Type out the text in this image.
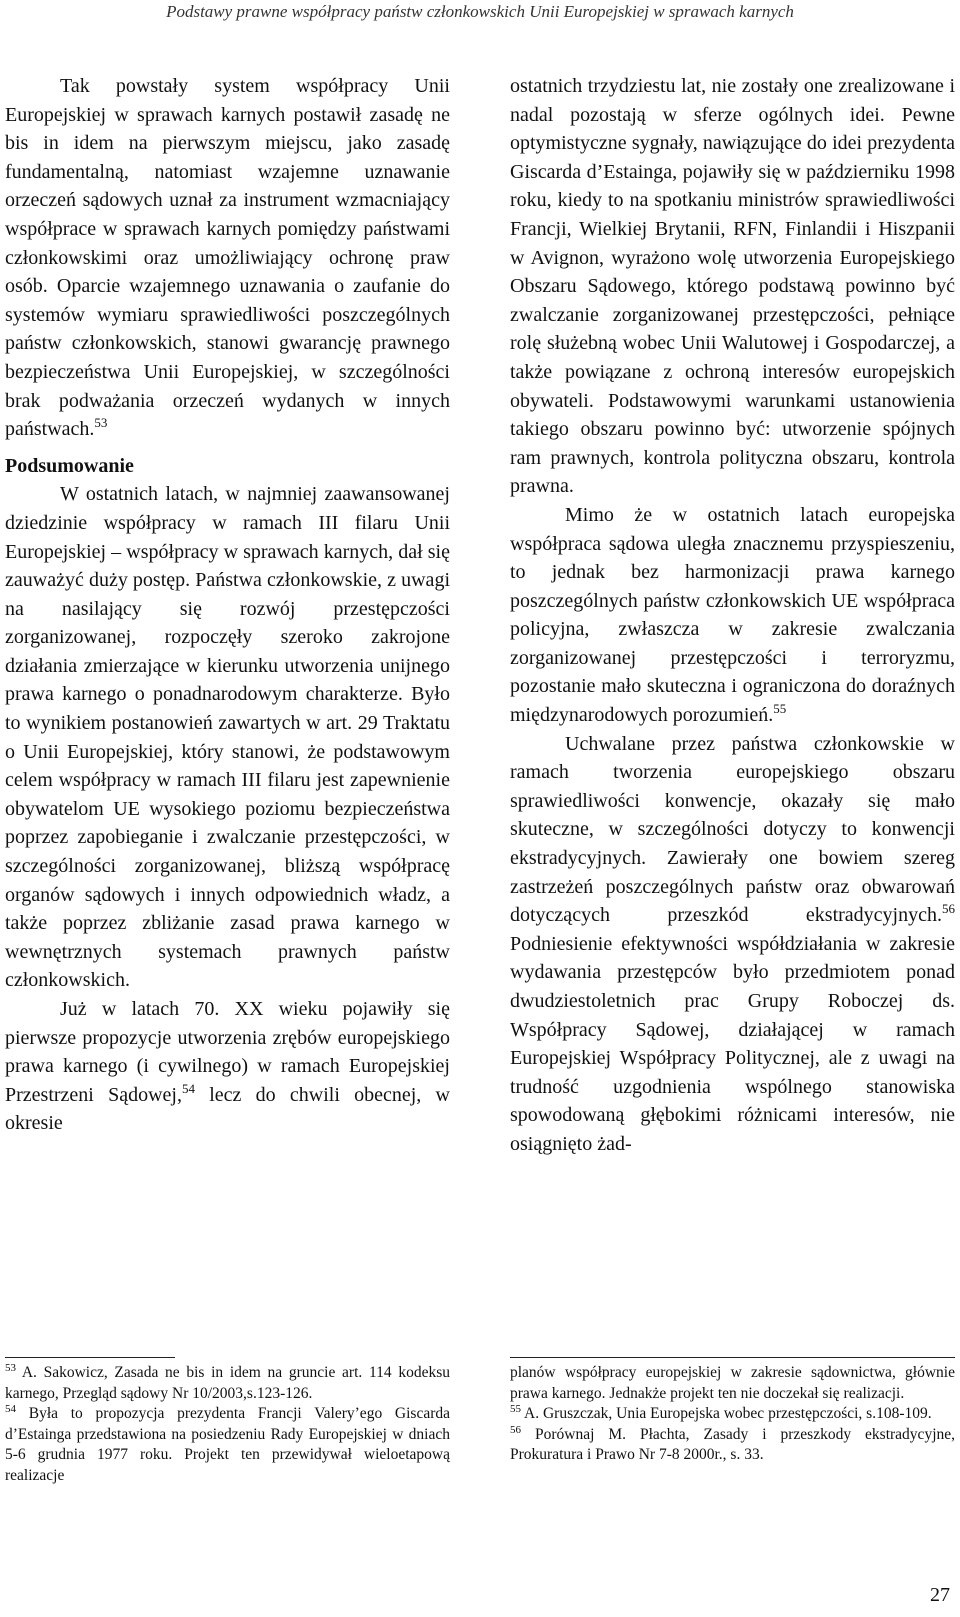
Podstawy prawne współpracy państw członkowskich Unii Europejskiej w sprawach karnych

Tak powstały system współpracy Unii Europejskiej w sprawach karnych postawił zasadę ne bis in idem na pierwszym miejscu, jako zasadę fundamentalną, natomiast wzajemne uznawanie orzeczeń sądowych uznał za instrument wzmacniający współprace w sprawach karnych pomiędzy państwami członkowskimi oraz umożliwiający ochronę praw osób. Oparcie wzajemnego uznawania o zaufanie do systemów wymiaru sprawiedliwości poszczególnych państw członkowskich, stanowi gwarancję prawnego bezpieczeństwa Unii Europejskiej, w szczególności brak podważania orzeczeń wydanych w innych państwach.$^{53}$

Podsumowanie

W ostatnich latach, w najmniej zaawansowanej dziedzinie współpracy w ramach III filaru Unii Europejskiej – współpracy w sprawach karnych, dał się zauważyć duży postęp. Państwa członkowskie, z uwagi na nasilający się rozwój przestępczości zorganizowanej, rozpoczęły szeroko zakrojone działania zmierzające w kierunku utworzenia unijnego prawa karnego o ponadnarodowym charakterze. Było to wynikiem postanowień zawartych w art. 29 Traktatu o Unii Europejskiej, który stanowi, że podstawowym celem współpracy w ramach III filaru jest zapewnienie obywatelom UE wysokiego poziomu bezpieczeństwa poprzez zapobieganie i zwalczanie przestępczości, w szczególności zorganizowanej, bliższą współpracę organów sądowych i innych odpowiednich władz, a także poprzez zbliżanie zasad prawa karnego w wewnętrznych systemach prawnych państw członkowskich.

Już w latach 70. XX wieku pojawiły się pierwsze propozycje utworzenia zrębów europejskiego prawa karnego (i cywilnego) w ramach Europejskiej Przestrzeni Sądowej,$^{54}$ lecz do chwili obecnej, w okresie

ostatnich trzydziestu lat, nie zostały one zrealizowane i nadal pozostają w sferze ogólnych idei. Pewne optymistyczne sygnały, nawiązujące do idei prezydenta Giscarda d’Estainga, pojawiły się w październiku 1998 roku, kiedy to na spotkaniu ministrów sprawiedliwości Francji, Wielkiej Brytanii, RFN, Finlandii i Hiszpanii w Avignon, wyrażono wolę utworzenia Europejskiego Obszaru Sądowego, którego podstawą powinno być zwalczanie zorganizowanej przestępczości, pełniące rolę służebną wobec Unii Walutowej i Gospodarczej, a także powiązane z ochroną interesów europejskich obywateli. Podstawowymi warunkami ustanowienia takiego obszaru powinno być: utworzenie spójnych ram prawnych, kontrola polityczna obszaru, kontrola prawna.

Mimo że w ostatnich latach europejska współpraca sądowa uległa znacznemu przyspieszeniu, to jednak bez harmonizacji prawa karnego poszczególnych państw członkowskich UE współpraca policyjna, zwłaszcza w zakresie zwalczania zorganizowanej przestępczości i terroryzmu, pozostanie mało skuteczna i ograniczona do doraźnych międzynarodowych porozumień.$^{55}$

Uchwalane przez państwa członkowskie w ramach tworzenia europejskiego obszaru sprawiedliwości konwencje, okazały się mało skuteczne, w szczególności dotyczy to konwencji ekstradycyjnych. Zawierały one bowiem szereg zastrzeżeń poszczególnych państw oraz obwarowań dotyczących przeszkód ekstradycyjnych.$^{56}$ Podniesienie efektywności współdziałania w zakresie wydawania przestępców było przedmiotem ponad dwudziestoletnich prac Grupy Roboczej ds. Współpracy Sądowej, działającej w ramach Europejskiej Współpracy Politycznej, ale z uwagi na trudność uzgodnienia wspólnego stanowiska spowodowaną głębokimi różnicami interesów, nie osiągnięto żad-

$^{53}$ A. Sakowicz, Zasada ne bis in idem na gruncie art. 114 kodeksu karnego, Przegląd sądowy Nr 10/2003,s.123-126.

$^{54}$ Była to propozycja prezydenta Francji Valery’ego Giscarda d’Estainga przedstawiona na posiedzeniu Rady Europejskiej w dniach 5-6 grudnia 1977 roku. Projekt ten przewidywał wieloetapową realizacje

planów współpracy europejskiej w zakresie sądownictwa, głównie prawa karnego. Jednakże projekt ten nie doczekał się realizacji.

$^{55}$ A. Gruszczak, Unia Europejska wobec przestępczości, s.108-109.

$^{56}$ Porównaj M. Płachta, Zasady i przeszkody ekstradycyjne, Prokuratura i Prawo Nr 7-8 2000r., s. 33.

27
